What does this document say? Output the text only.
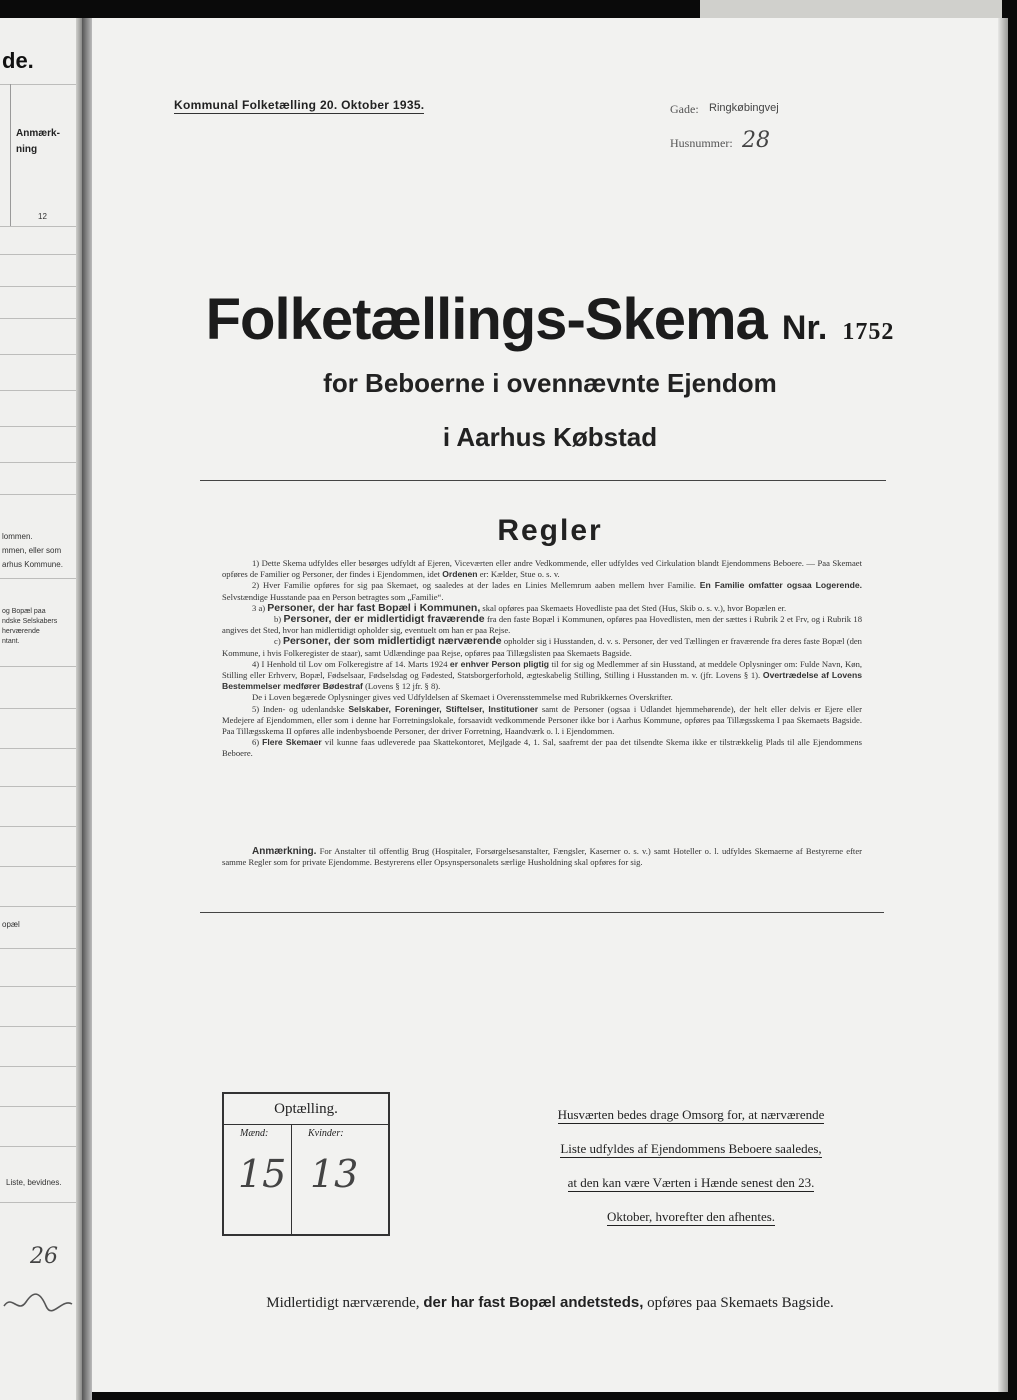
de.
Anmærk-
ning
12
lommen.
mmen, eller som
arhus Kommune.
og Bopæl paa
ndske Selskabers
herværende
ntant.
opæl
Liste, bevidnes.
26
Kommunal Folketælling 20. Oktober 1935.	Gade: Ringkøbingvej
Husnummer: 28
Folketællings-Skema Nr. 1752
for Beboerne i ovennævnte Ejendom
i Aarhus Købstad
Regler

1) Dette Skema udfyldes eller besørges udfyldt af Ejeren, Viceværten eller andre Vedkommende, eller udfyldes ved Cirkulation blandt Ejendommens Beboere. — Paa Skemaet opføres de Familier og Personer, der findes i Ejendommen, idet Ordenen er: Kælder, Stue o. s. v.

2) Hver Familie opføres for sig paa Skemaet, og saaledes at der lades en Linies Mellemrum aaben mellem hver Familie. En Familie omfatter ogsaa Logerende. Selvstændige Husstande paa en Person betragtes som „Familie“.

3 a) Personer, der har fast Bopæl i Kommunen, skal opføres paa Skemaets Hovedliste paa det Sted (Hus, Skib o. s. v.), hvor Bopælen er.

b) Personer, der er midlertidigt fraværende fra den faste Bopæl i Kommunen, opføres paa Hovedlisten, men der sættes i Rubrik 2 et Frv, og i Rubrik 18 angives det Sted, hvor han midlertidigt opholder sig, eventuelt om han er paa Rejse.

c) Personer, der som midlertidigt nærværende opholder sig i Husstanden, d. v. s. Personer, der ved Tællingen er fraværende fra deres faste Bopæl (den Kommune, i hvis Folkeregister de staar), samt Udlændinge paa Rejse, opføres paa Tillægslisten paa Skemaets Bagside.

4) I Henhold til Lov om Folkeregistre af 14. Marts 1924 er enhver Person pligtig til for sig og Medlemmer af sin Husstand, at meddele Oplysninger om: Fulde Navn, Køn, Stilling eller Erhverv, Bopæl, Fødselsaar, Fødselsdag og Fødested, Statsborgerforhold, ægteskabelig Stilling, Stilling i Husstanden m. v. (jfr. Lovens § 1). Overtrædelse af Lovens Bestemmelser medfører Bødestraf (Lovens § 12 jfr. § 8).

De i Loven begærede Oplysninger gives ved Udfyldelsen af Skemaet i Overensstemmelse med Rubrikkernes Overskrifter.

5) Inden- og udenlandske Selskaber, Foreninger, Stiftelser, Institutioner samt de Personer (ogsaa i Udlandet hjemmehørende), der helt eller delvis er Ejere eller Medejere af Ejendommen, eller som i denne har Forretningslokale, forsaavidt vedkommende Personer ikke bor i Aarhus Kommune, opføres paa Tillægsskema I paa Skemaets Bagside. Paa Tillægsskema II opføres alle indenbysboende Personer, der driver Forretning, Haandværk o. l. i Ejendommen.

6) Flere Skemaer vil kunne faas udleverede paa Skattekontoret, Mejlgade 4, 1. Sal, saafremt der paa det tilsendte Skema ikke er tilstrækkelig Plads til alle Ejendommens Beboere.

Anmærkning. For Anstalter til offentlig Brug (Hospitaler, Forsørgelsesanstalter, Fængsler, Kaserner o. s. v.) samt Hoteller o. l. udfyldes Skemaerne af Bestyrerne efter samme Regler som for private Ejendomme. Bestyrerens eller Opsynspersonalets særlige Husholdning skal opføres for sig.

Optælling.
Mænd:	Kvinder:
15 13
Husværten bedes drage Omsorg for, at nærværende
Liste udfyldes af Ejendommens Beboere saaledes,
at den kan være Værten i Hænde senest den 23.
Oktober, hvorefter den afhentes.
Midlertidigt nærværende, der har fast Bopæl andetsteds, opføres paa Skemaets Bagside.
